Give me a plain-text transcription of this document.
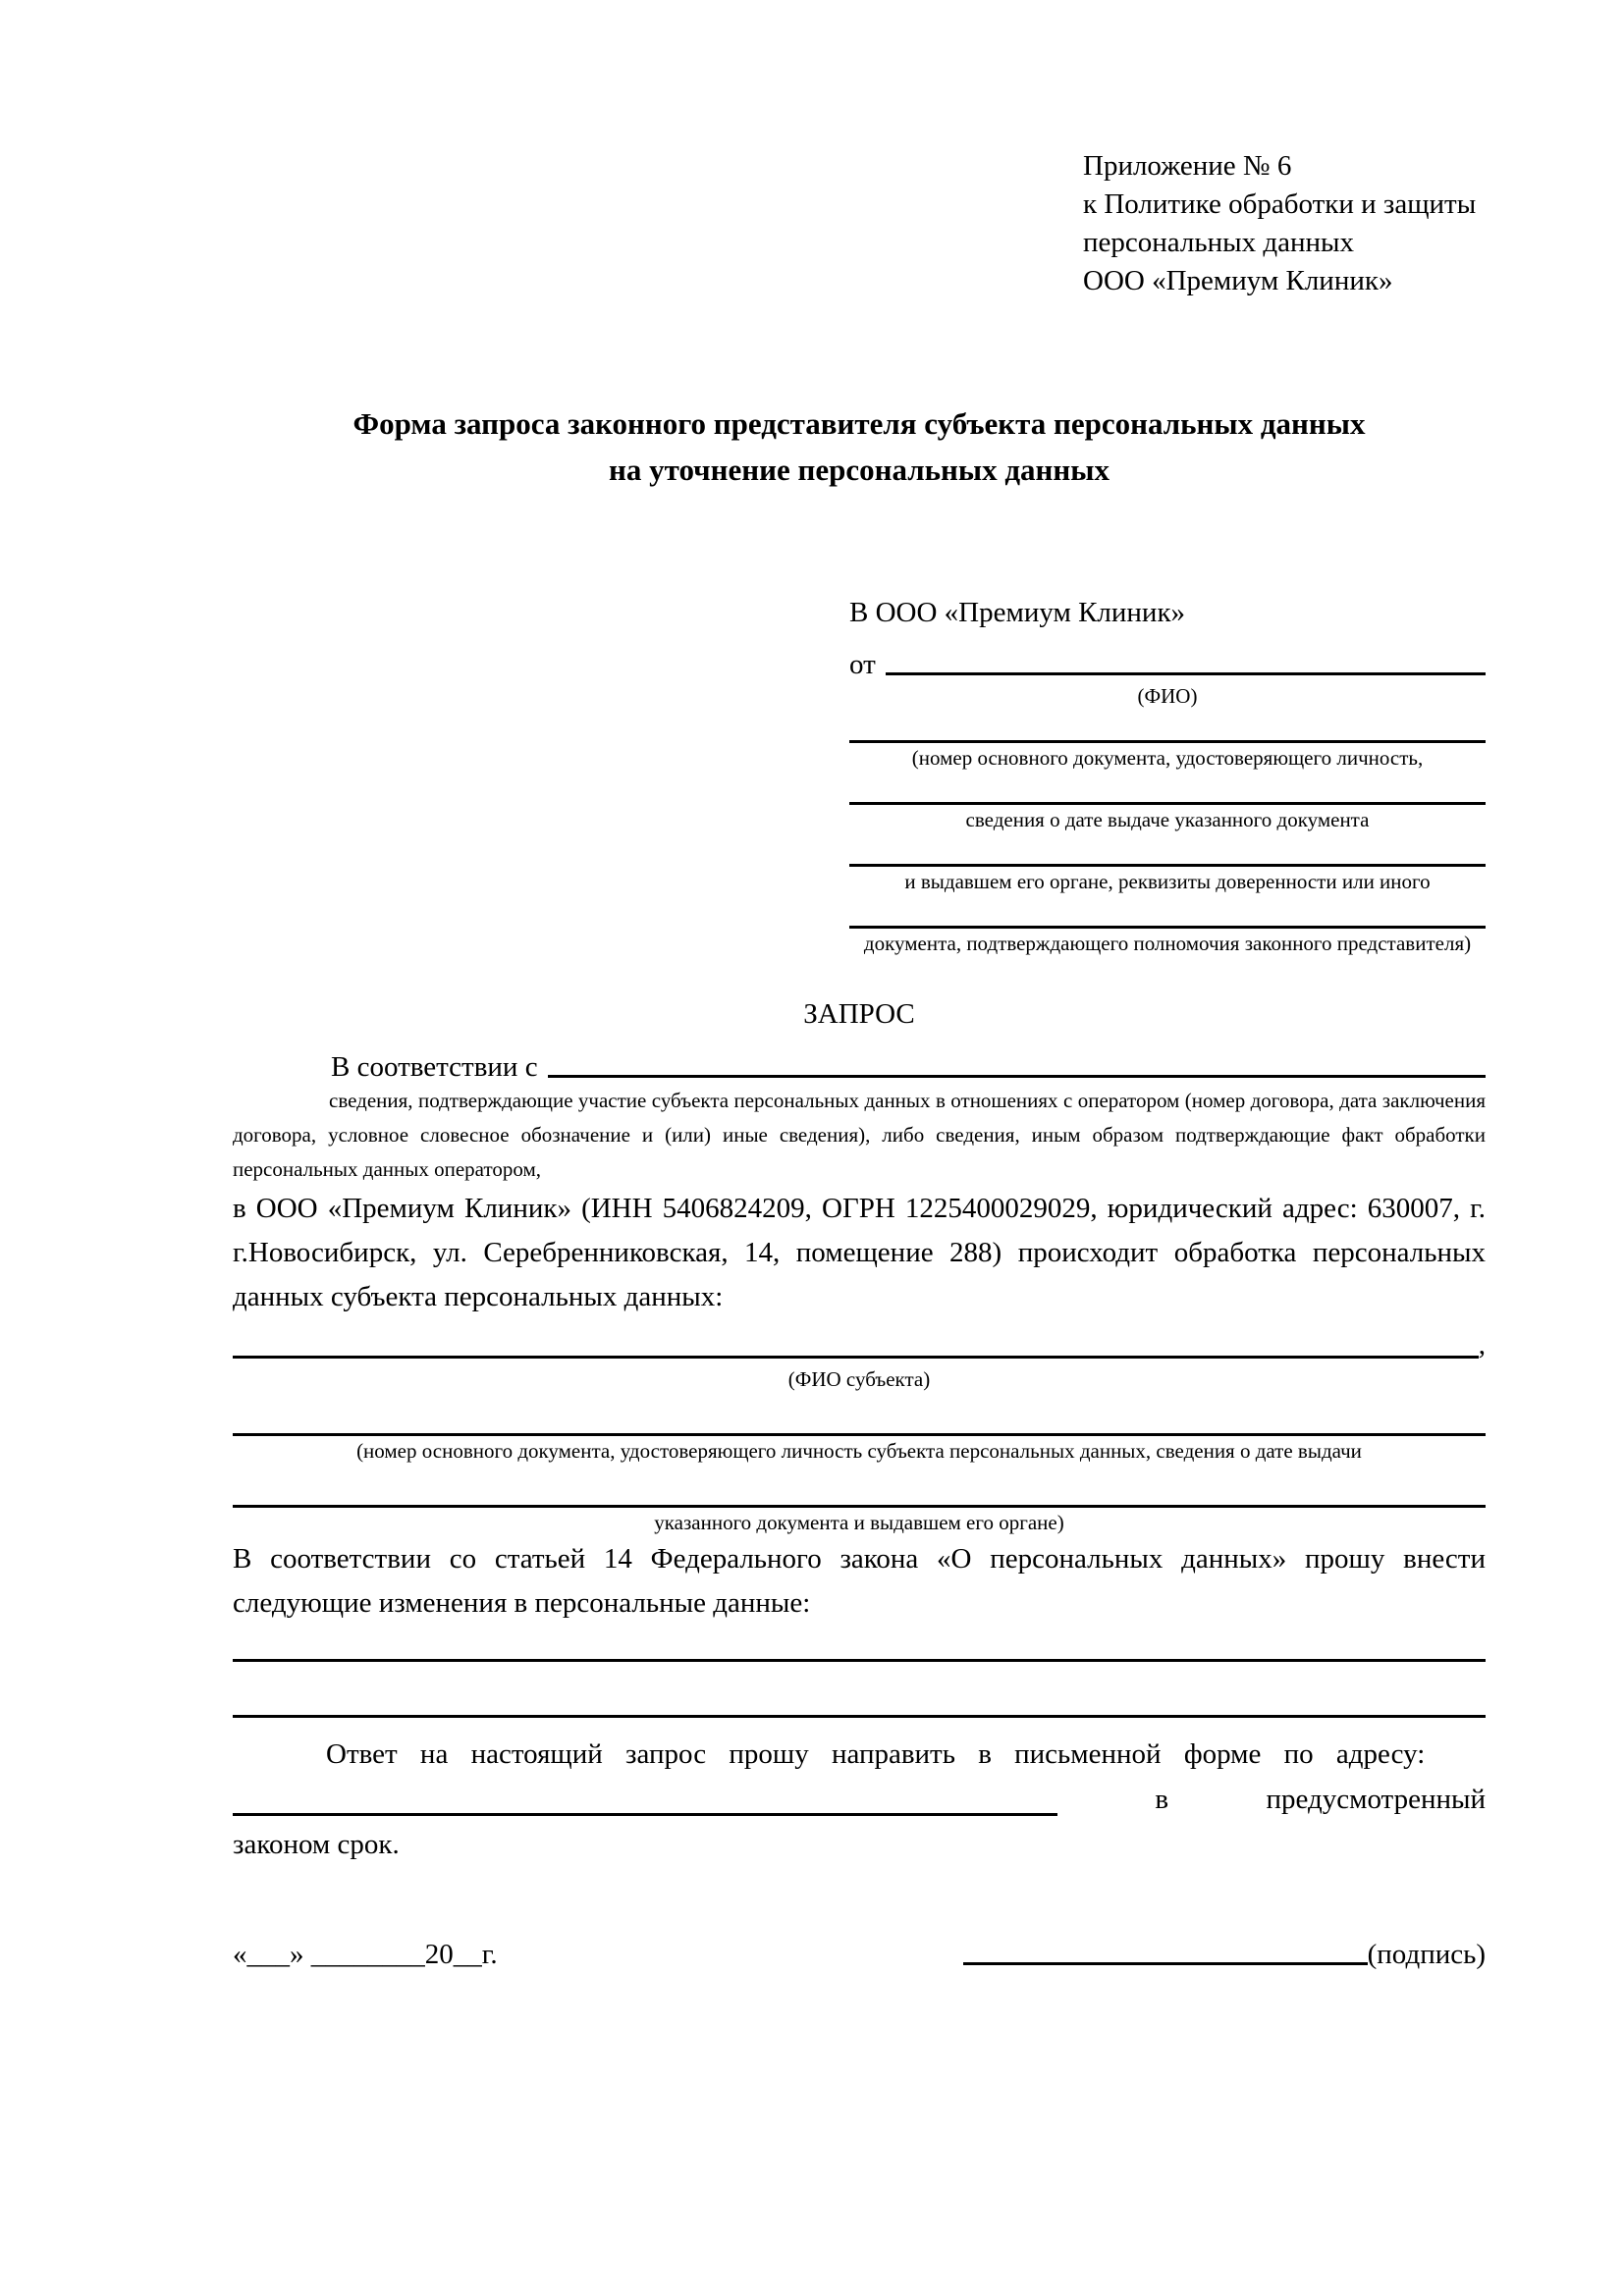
Приложение № 6
к Политике обработки и защиты
персональных данных
ООО «Премиум Клиник»
Форма запроса законного представителя субъекта персональных данных
на уточнение персональных данных
В ООО «Премиум Клиник»
от
(ФИО)
(номер основного документа, удостоверяющего личность,
сведения о дате выдаче указанного документа
и выдавшем его органе, реквизиты доверенности или иного
документа, подтверждающего полномочия законного представителя)
ЗАПРОС
В соответствии с
сведения, подтверждающие участие субъекта персональных данных в отношениях с оператором (номер договора, дата заключения договора, условное словесное обозначение и (или) иные сведения), либо сведения, иным образом подтверждающие факт обработки персональных данных оператором,

в ООО «Премиум Клиник» (ИНН 5406824209, ОГРН 1225400029029, юридический адрес: 630007, г. г.Новосибирск, ул. Серебренниковская, 14, помещение 288) происходит обработка персональных данных субъекта персональных данных:

,
(ФИО субъекта)
(номер основного документа, удостоверяющего личность субъекта персональных данных, сведения о дате выдачи
указанного документа и выдавшем его органе)

В соответствии со статьей 14 Федерального закона «О персональных данных» прошу внести следующие изменения в персональные данные:

Ответ на настоящий запрос прошу направить в письменной форме по адресу:
в	предусмотренный
законом срок.
«___» ________20__г.	(подпись)
